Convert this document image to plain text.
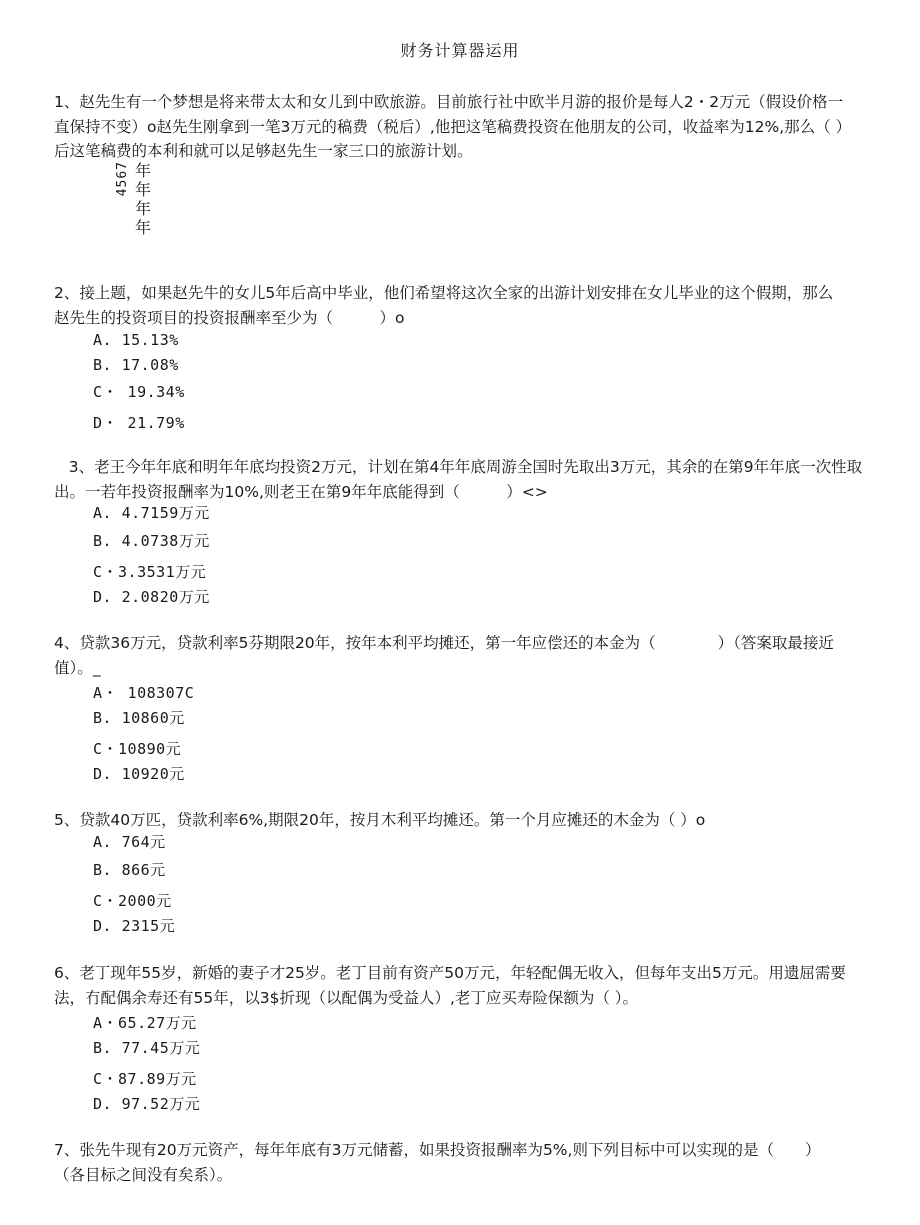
财务计算器运用
1、赵先生有一个梦想是将来带太太和女儿到中欧旅游。目前旅行社中欧半月游的报价是每人2・2万元（假设价格一直保持不变）o赵先生刚拿到一笔3万元的稿费（税后）,他把这笔稿费投资在他朋友的公司，收益率为12%,那么（ ）后这笔稿费的本利和就可以足够赵先生一家三口的旅游计划。
4567 年
年
年
年
2、接上题，如果赵先牛的女儿5年后高中毕业，他们希望将这次全家的出游计划安排在女儿毕业的这个假期，那么赵先生的投资项目的投资报酬率至少为（　　　）o
A. 15.13%
B. 17.08%
C・ 19.34%
D・ 21.79%
3、老王今年年底和明年年底均投资2万元，计划在第4年年底周游全国时先取出3万元，其余的在第9年年底一次性取出。一若年投资报酬率为10%,则老王在第9年年底能得到（　　　）<>
A. 4.7159万元
B. 4.0738万元
C・3.3531万元
D. 2.0820万元
4、贷款36万元，贷款利率5芬期限20年，按年本利平均摊还，第一年应偿还的本金为（　　　　）（答案取最接近值）。_
A・ 108307C
B. 10860元
C・10890元
D. 10920元
5、贷款40万匹，贷款利率6%,期限20年，按月木利平均摊还。第一个月应摊还的木金为（ ）o
A. 764元
B. 866元
C・2000元
D. 2315元
6、老丁现年55岁，新婚的妻子才25岁。老丁目前有资产50万元，年轻配偶无收入，但每年支出5万元。用遗屈需要法，冇配偶余寿还有55年，以3$折现（以配偶为受益人）,老丁应买寿险保额为（ ）。
A・65.27万元
B. 77.45万元
C・87.89万元
D. 97.52万元
7、张先牛现有20万元资产，每年年底有3万元储蓄，如果投资报酬率为5%,则下列目标中可以实现的是（　　）（各目标之间没有矣系）。
